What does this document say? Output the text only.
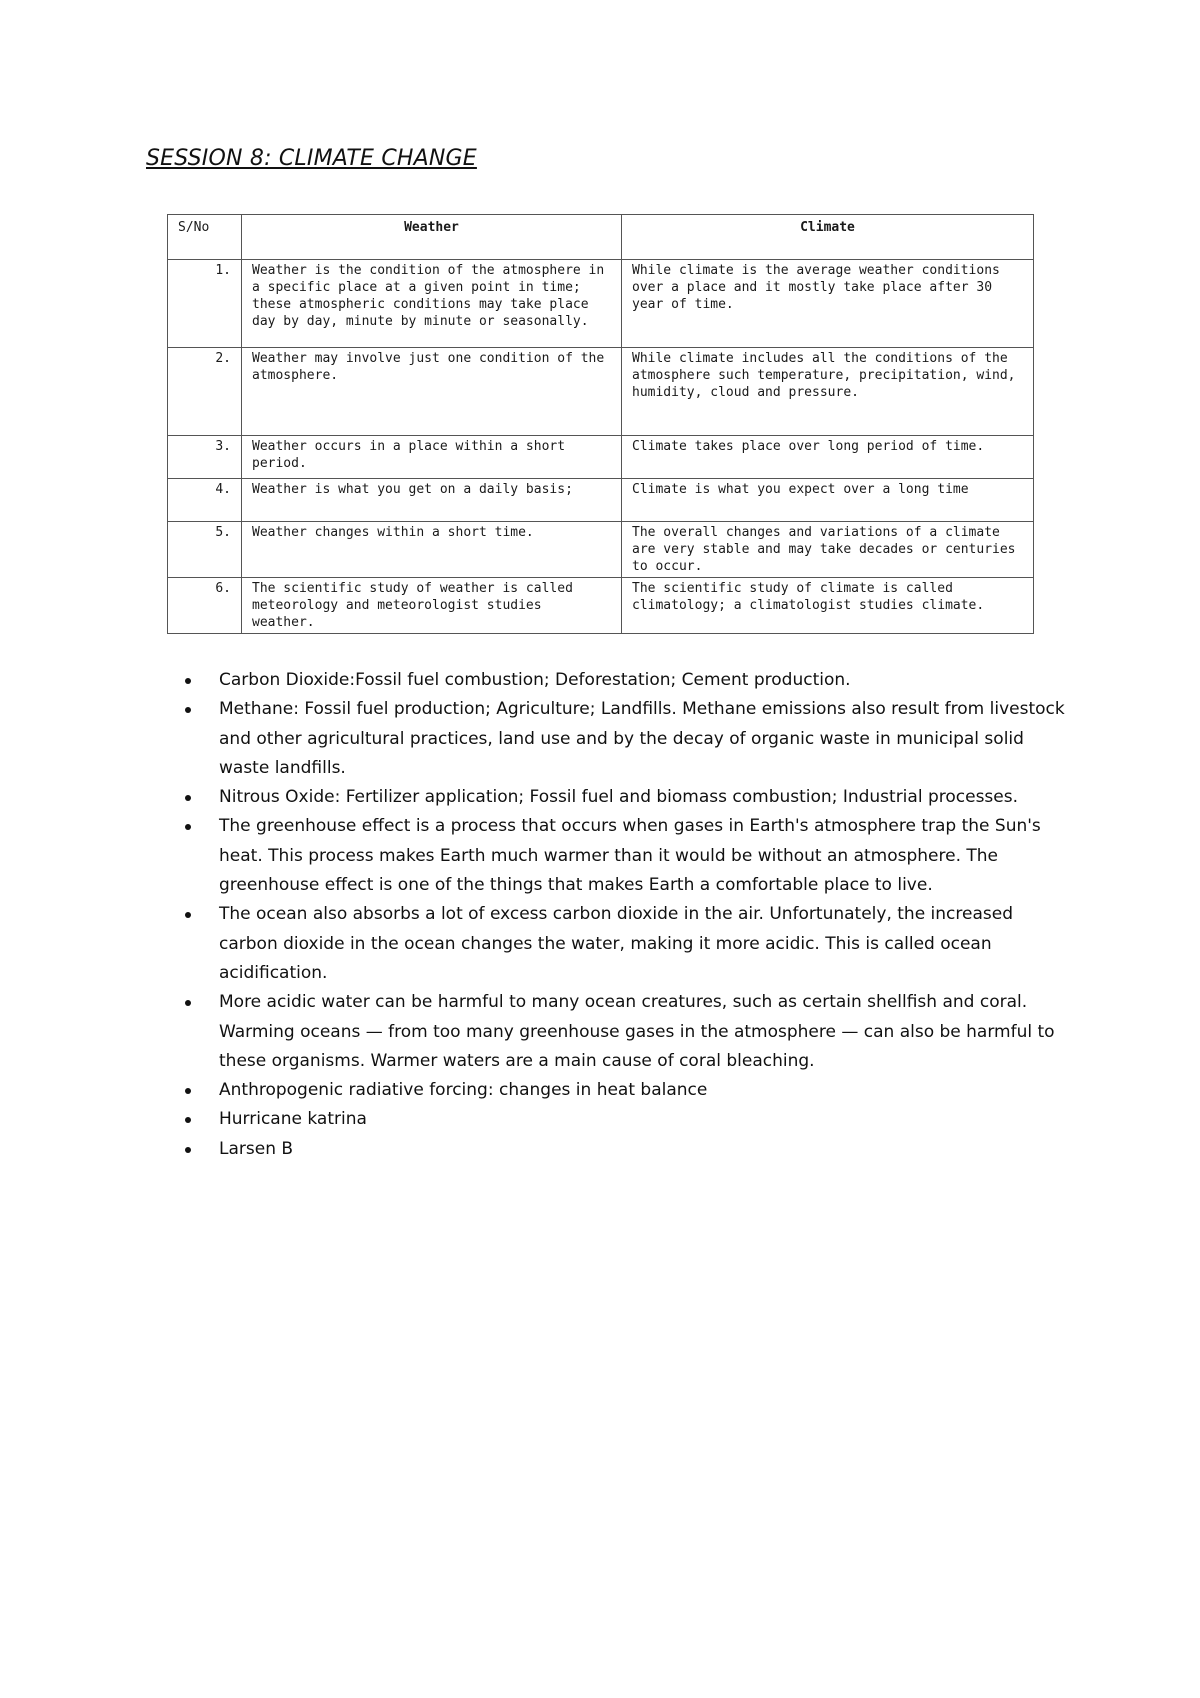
SESSION 8: CLIMATE CHANGE
S/No	Weather	Climate
1.	Weather is the condition of the atmosphere in a specific place at a given point in time; these atmospheric conditions may take place day by day, minute by minute or seasonally.	While climate is the average weather conditions over a place and it mostly take place after 30 year of time.
2.	Weather may involve just one condition of the atmosphere.	While climate includes all the conditions of the atmosphere such temperature, precipitation, wind, humidity, cloud and pressure.
3.	Weather occurs in a place within a short period.	Climate takes place over long period of time.
4.	Weather is what you get on a daily basis;	Climate is what you expect over a long time
5.	Weather changes within a short time.	The overall changes and variations of a climate are very stable and may take decades or centuries to occur.
6.	The scientific study of weather is called meteorology and meteorologist studies weather.	The scientific study of climate is called climatology; a climatologist studies climate.
Carbon Dioxide:Fossil fuel combustion; Deforestation; Cement production.
Methane: Fossil fuel production; Agriculture; Landfills. Methane emissions also result from livestock and other agricultural practices, land use and by the decay of organic waste in municipal solid waste landfills.
Nitrous Oxide: Fertilizer application; Fossil fuel and biomass combustion; Industrial processes.
The greenhouse effect is a process that occurs when gases in Earth's atmosphere trap the Sun's heat. This process makes Earth much warmer than it would be without an atmosphere. The greenhouse effect is one of the things that makes Earth a comfortable place to live.
The ocean also absorbs a lot of excess carbon dioxide in the air. Unfortunately, the increased carbon dioxide in the ocean changes the water, making it more acidic. This is called ocean acidification.
More acidic water can be harmful to many ocean creatures, such as certain shellfish and coral. Warming oceans — from too many greenhouse gases in the atmosphere — can also be harmful to these organisms. Warmer waters are a main cause of coral bleaching.
Anthropogenic radiative forcing: changes in heat balance
Hurricane katrina
Larsen B
